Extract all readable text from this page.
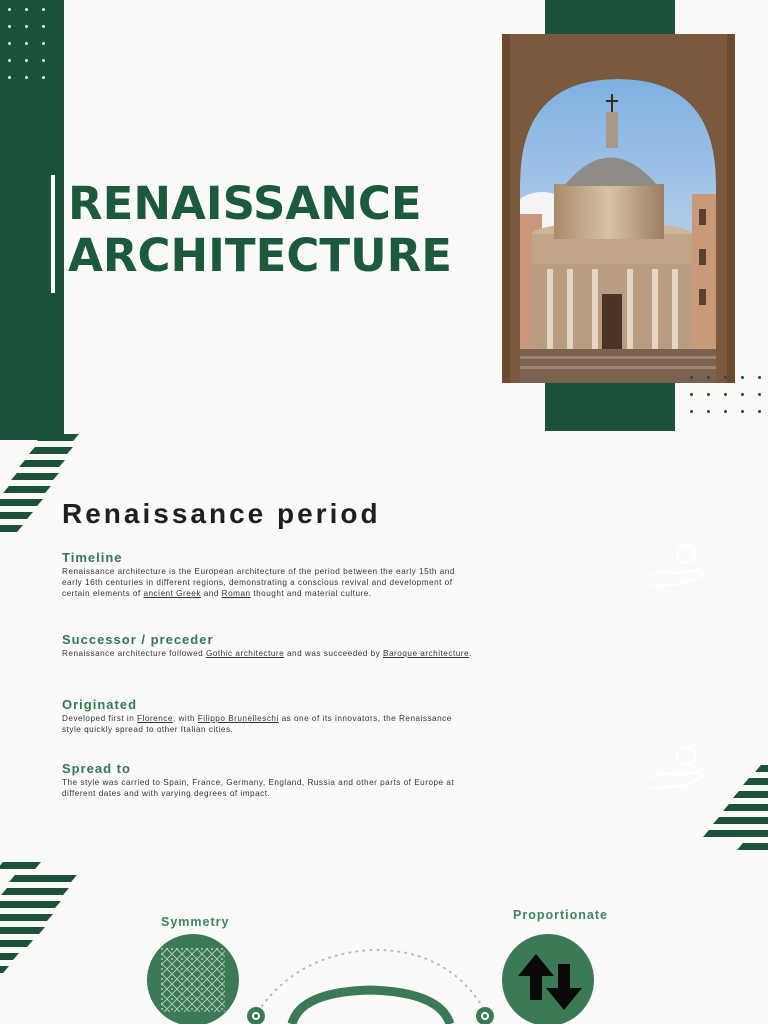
RENAISSANCE
ARCHITECTURE
Renaissance period
Timeline
Renaissance architecture is the European architecture of the period between the early 15th and early 16th centuries in different regions, demonstrating a conscious revival and development of certain elements of ancient Greek and Roman thought and material culture.
Successor / preceder
Renaissance architecture followed Gothic architecture and was succeeded by Baroque architecture.
Originated
Developed first in Florence, with Filippo Brunelleschi as one of its innovators, the Renaissance style quickly spread to other Italian cities.
Spread to
The style was carried to Spain, France, Germany, England, Russia and other parts of Europe at different dates and with varying degrees of impact.
Symmetry	Proportionate
